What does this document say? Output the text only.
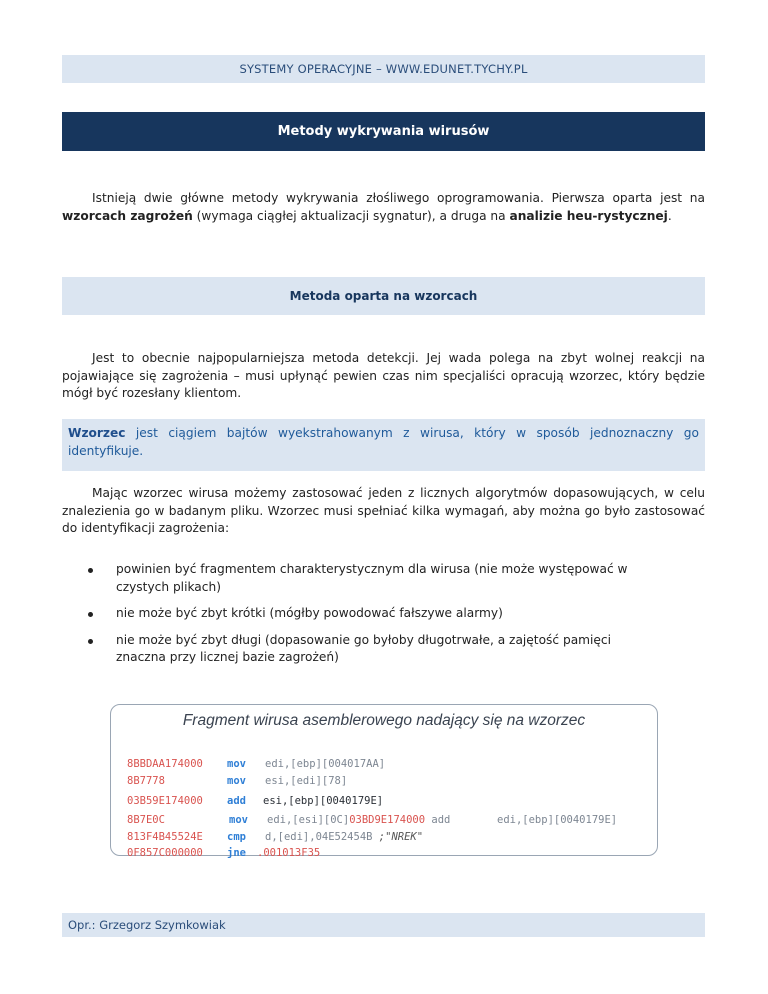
SYSTEMY OPERACYJNE – WWW.EDUNET.TYCHY.PL
Metody wykrywania wirusów
Istnieją dwie główne metody wykrywania złośliwego oprogramowania. Pierwsza oparta jest na wzorcach zagrożeń (wymaga ciągłej aktualizacji sygnatur), a druga na analizie heu-rystycznej.
Metoda oparta na wzorcach
Jest to obecnie najpopularniejsza metoda detekcji. Jej wada polega na zbyt wolnej reakcji na pojawiające się zagrożenia – musi upłynąć pewien czas nim specjaliści opracują wzorzec, który będzie mógł być rozesłany klientom.
Wzorzec jest ciągiem bajtów wyekstrahowanym z wirusa, który w sposób jednoznaczny go identyfikuje.
Mając wzorzec wirusa możemy zastosować jeden z licznych algorytmów dopasowujących, w celu znalezienia go w badanym pliku. Wzorzec musi spełniać kilka wymagań, aby można go było zastosować do identyfikacji zagrożenia:
powinien być fragmentem charakterystycznym dla wirusa (nie może występować w czystych plikach)
nie może być zbyt krótki (mógłby powodować fałszywe alarmy)
nie może być zbyt długi (dopasowanie go byłoby długotrwałe, a zajętość pamięci znaczna przy licznej bazie zagrożeń)
Fragment wirusa asemblerowego nadający się na wzorzec
8BBDAA174000 mov edi,[ebp][004017AA]
8B7778	mov esi,[edi][78]
03B59E174000 add esi,[ebp][0040179E]
8B7E0C	mov edi,[esi][0C]03BD9E174000 add	edi,[ebp][0040179E]
813F4B45524E cmp d,[edi],04E52454B ;"NREK"
0F857C000000 jne .001013F35
Opr.: Grzegorz Szymkowiak
